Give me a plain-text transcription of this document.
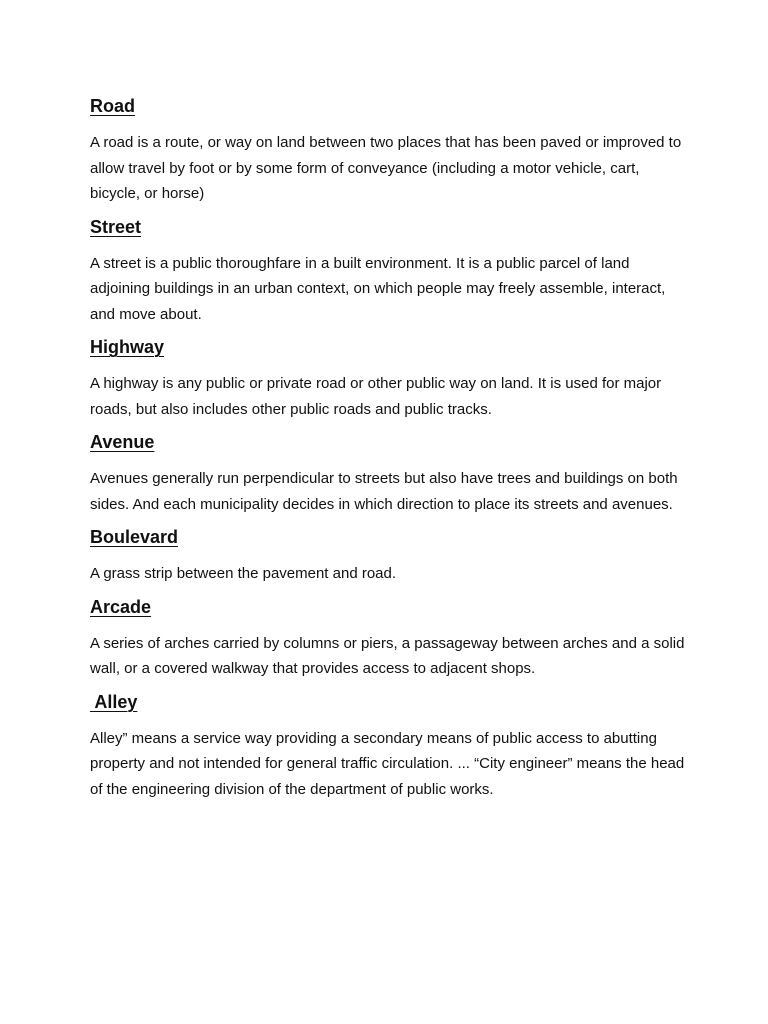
Road

A road is a route, or way on land between two places that has been paved or improved to allow travel by foot or by some form of conveyance (including a motor vehicle, cart, bicycle, or horse)

Street

A street is a public thoroughfare in a built environment. It is a public parcel of land adjoining buildings in an urban context, on which people may freely assemble, interact, and move about.

Highway

A highway is any public or private road or other public way on land. It is used for major roads, but also includes other public roads and public tracks.

Avenue

Avenues generally run perpendicular to streets but also have trees and buildings on both sides. And each municipality decides in which direction to place its streets and avenues.

Boulevard

A grass strip between the pavement and road.

Arcade

A series of arches carried by columns or piers, a passageway between arches and a solid wall, or a covered walkway that provides access to adjacent shops.

Alley

Alley” means a service way providing a secondary means of public access to abutting property and not intended for general traffic circulation. ... “City engineer” means the head of the engineering division of the department of public works.
